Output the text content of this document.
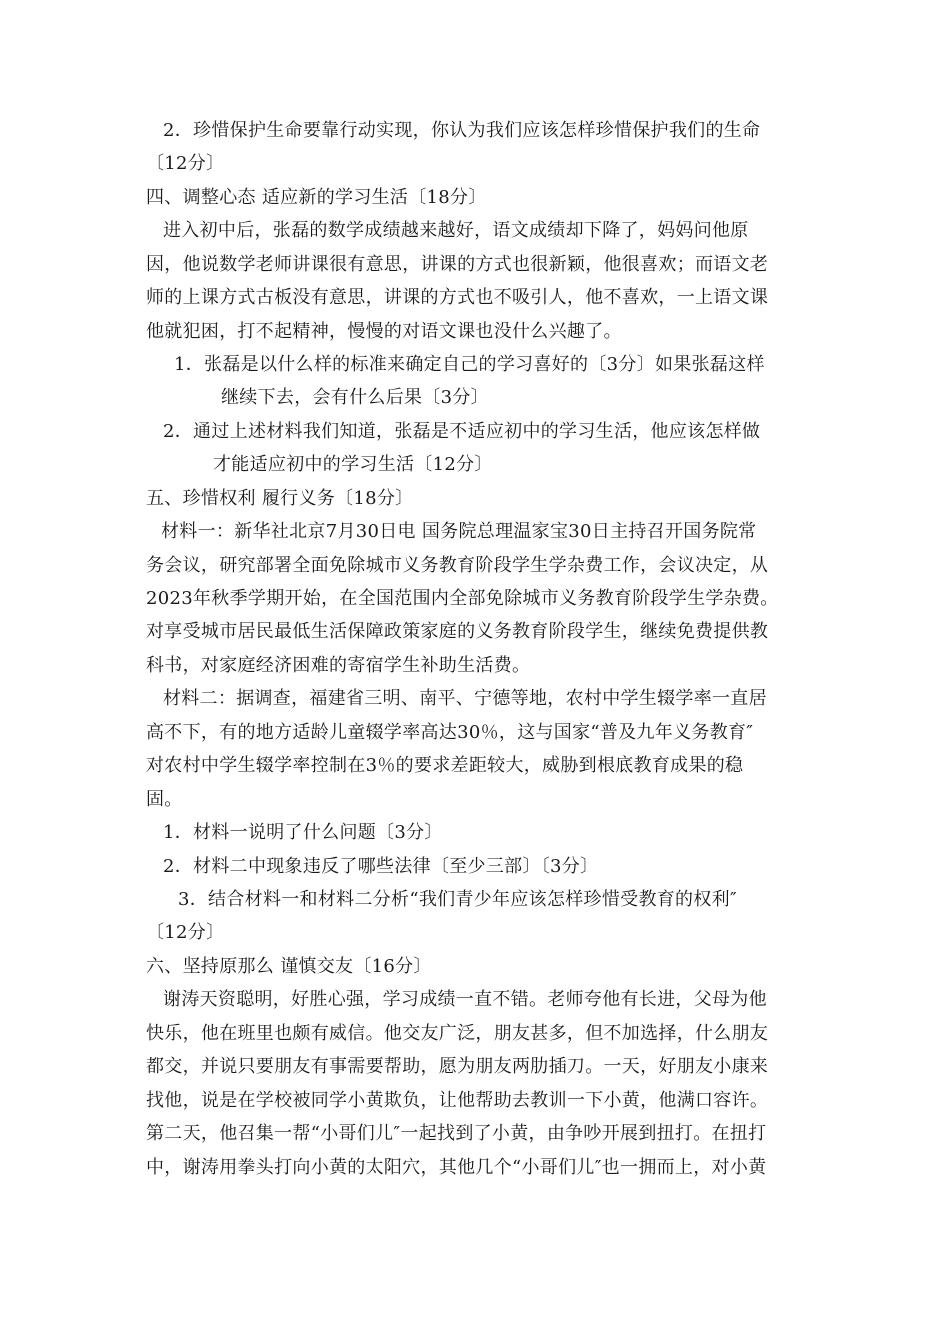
2．珍惜保护生命要靠行动实现，你认为我们应该怎样珍惜保护我们的生命
〔12分〕
四、调整心态 适应新的学习生活〔18分〕
进入初中后，张磊的数学成绩越来越好，语文成绩却下降了，妈妈问他原
因，他说数学老师讲课很有意思，讲课的方式也很新颖，他很喜欢；而语文老
师的上课方式古板没有意思，讲课的方式也不吸引人，他不喜欢，一上语文课
他就犯困，打不起精神，慢慢的对语文课也没什么兴趣了。
1．张磊是以什么样的标准来确定自己的学习喜好的〔3分〕如果张磊这样
继续下去，会有什么后果〔3分〕
2．通过上述材料我们知道，张磊是不适应初中的学习生活，他应该怎样做
才能适应初中的学习生活〔12分〕
五、珍惜权利 履行义务〔18分〕
材料一：新华社北京7月30日电 国务院总理温家宝30日主持召开国务院常
务会议，研究部署全面免除城市义务教育阶段学生学杂费工作，会议决定，从
2023年秋季学期开始，在全国范围内全部免除城市义务教育阶段学生学杂费。
对享受城市居民最低生活保障政策家庭的义务教育阶段学生，继续免费提供教
科书，对家庭经济困难的寄宿学生补助生活费。
材料二：据调查，福建省三明、南平、宁德等地，农村中学生辍学率一直居
高不下，有的地方适龄儿童辍学率高达30％，这与国家“普及九年义务教育″
对农村中学生辍学率控制在3％的要求差距较大，威胁到根底教育成果的稳
固。
1．材料一说明了什么问题〔3分〕
2．材料二中现象违反了哪些法律〔至少三部〕〔3分〕
3．结合材料一和材料二分析“我们青少年应该怎样珍惜受教育的权利″
〔12分〕
六、坚持原那么 谨慎交友〔16分〕
谢涛天资聪明，好胜心强，学习成绩一直不错。老师夸他有长进，父母为他
快乐，他在班里也颇有威信。他交友广泛，朋友甚多，但不加选择，什么朋友
都交，并说只要朋友有事需要帮助，愿为朋友两肋插刀。一天，好朋友小康来
找他，说是在学校被同学小黄欺负，让他帮助去教训一下小黄，他满口容许。
第二天，他召集一帮“小哥们儿″一起找到了小黄，由争吵开展到扭打。在扭打
中，谢涛用拳头打向小黄的太阳穴，其他几个“小哥们儿″也一拥而上，对小黄
